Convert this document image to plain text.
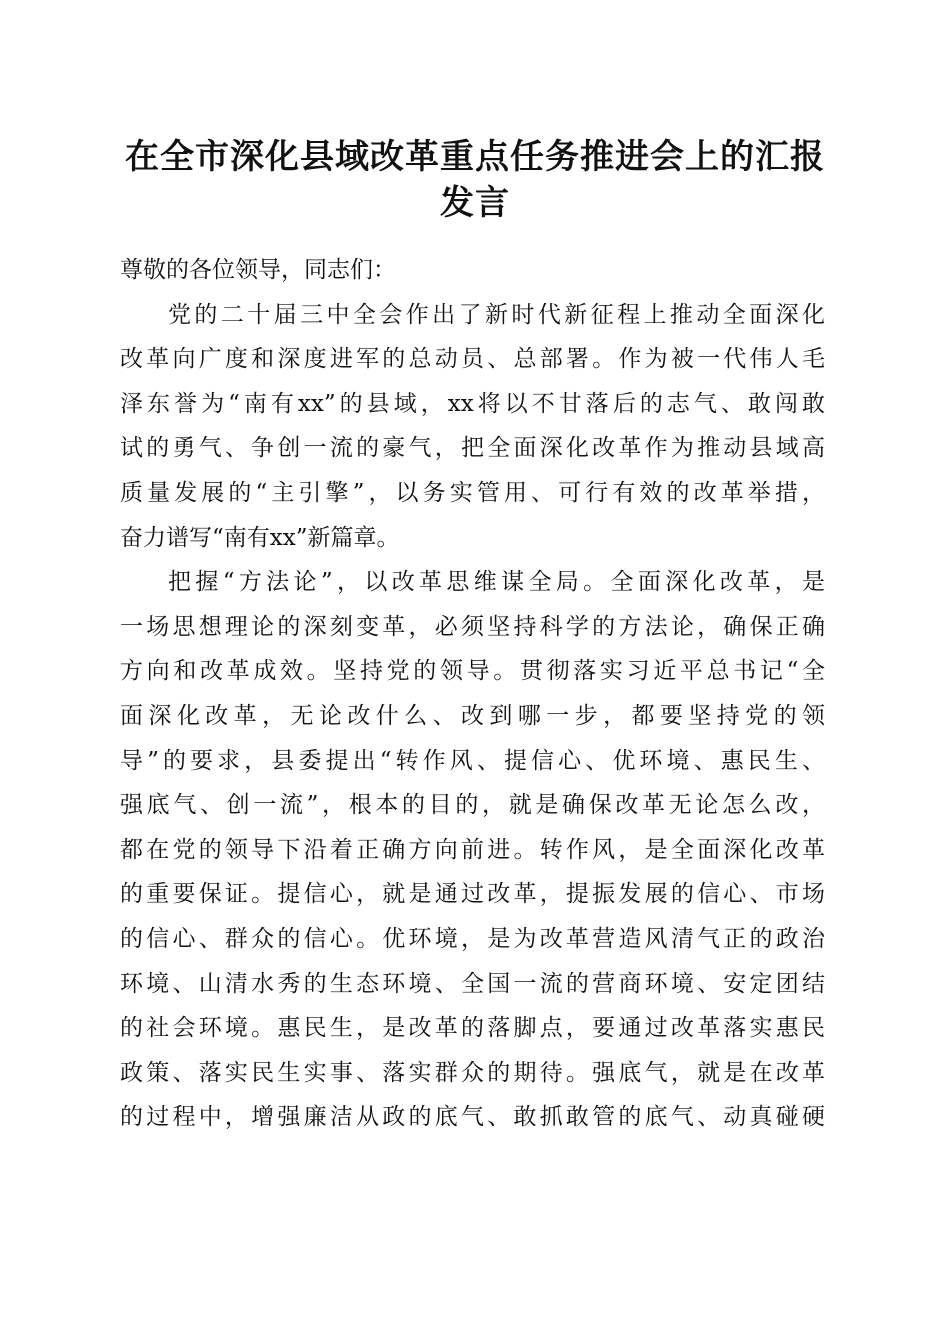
在全市深化县域改革重点任务推进会上的汇报
发言
尊敬的各位领导，同志们：
党的二十届三中全会作出了新时代新征程上推动全面深化
改革向广度和深度进军的总动员、总部署。作为被一代伟人毛
泽东誉为“南有xx”的县域，xx将以不甘落后的志气、敢闯敢
试的勇气、争创一流的豪气，把全面深化改革作为推动县域高
质量发展的“主引擎”，以务实管用、可行有效的改革举措，
奋力谱写“南有xx”新篇章。
把握“方法论”，以改革思维谋全局。全面深化改革，是
一场思想理论的深刻变革，必须坚持科学的方法论，确保正确
方向和改革成效。坚持党的领导。贯彻落实习近平总书记“全
面深化改革，无论改什么、改到哪一步，都要坚持党的领
导”的要求，县委提出“转作风、提信心、优环境、惠民生、
强底气、创一流”，根本的目的，就是确保改革无论怎么改，
都在党的领导下沿着正确方向前进。转作风，是全面深化改革
的重要保证。提信心，就是通过改革，提振发展的信心、市场
的信心、群众的信心。优环境，是为改革营造风清气正的政治
环境、山清水秀的生态环境、全国一流的营商环境、安定团结
的社会环境。惠民生，是改革的落脚点，要通过改革落实惠民
政策、落实民生实事、落实群众的期待。强底气，就是在改革
的过程中，增强廉洁从政的底气、敢抓敢管的底气、动真碰硬
